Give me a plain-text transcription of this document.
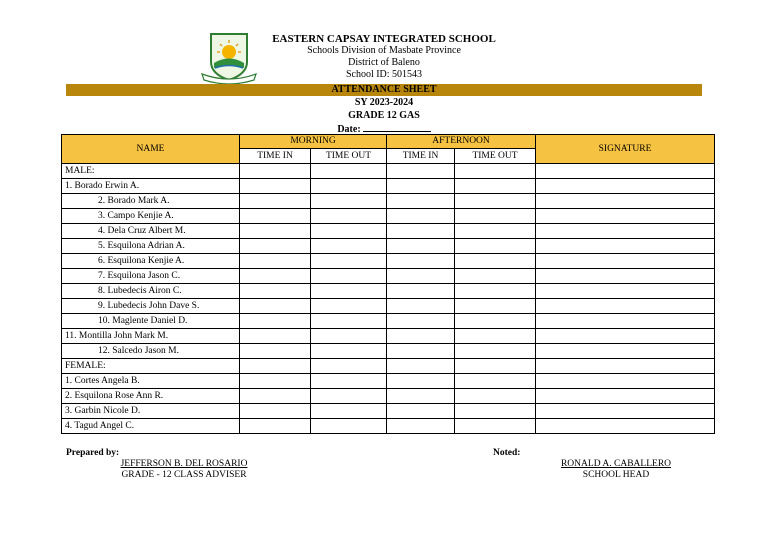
EASTERN CAPSAY INTEGRATED SCHOOL
Schools Division of Masbate Province
District of Baleno
School ID: 501543
ATTENDANCE SHEET
SY 2023-2024
GRADE 12 GAS
Date:
NAME	MORNING		AFTERNOON		SIGNATURE
	TIME IN	TIME OUT	TIME IN	TIME OUT	
MALE:					
1. Borado Erwin A.					
2. Borado Mark A.					
3. Campo Kenjie A.					
4. Dela Cruz Albert M.					
5. Esquilona Adrian A.					
6. Esquilona Kenjie A.					
7. Esquilona Jason C.					
8. Lubedecis Airon C.					
9. Lubedecis John Dave S.					
10. Maglente Daniel D.					
11. Montilla John Mark M.					
12. Salcedo Jason M.					
FEMALE:					
1. Cortes Angela B.					
2. Esquilona Rose Ann R.					
3. Garbin Nicole D.					
4. Tagud Angel C.					
Prepared by:	Noted:
JEFFERSON B. DEL ROSARIO
GRADE - 12 CLASS ADVISER
RONALD A. CABALLERO
SCHOOL HEAD
